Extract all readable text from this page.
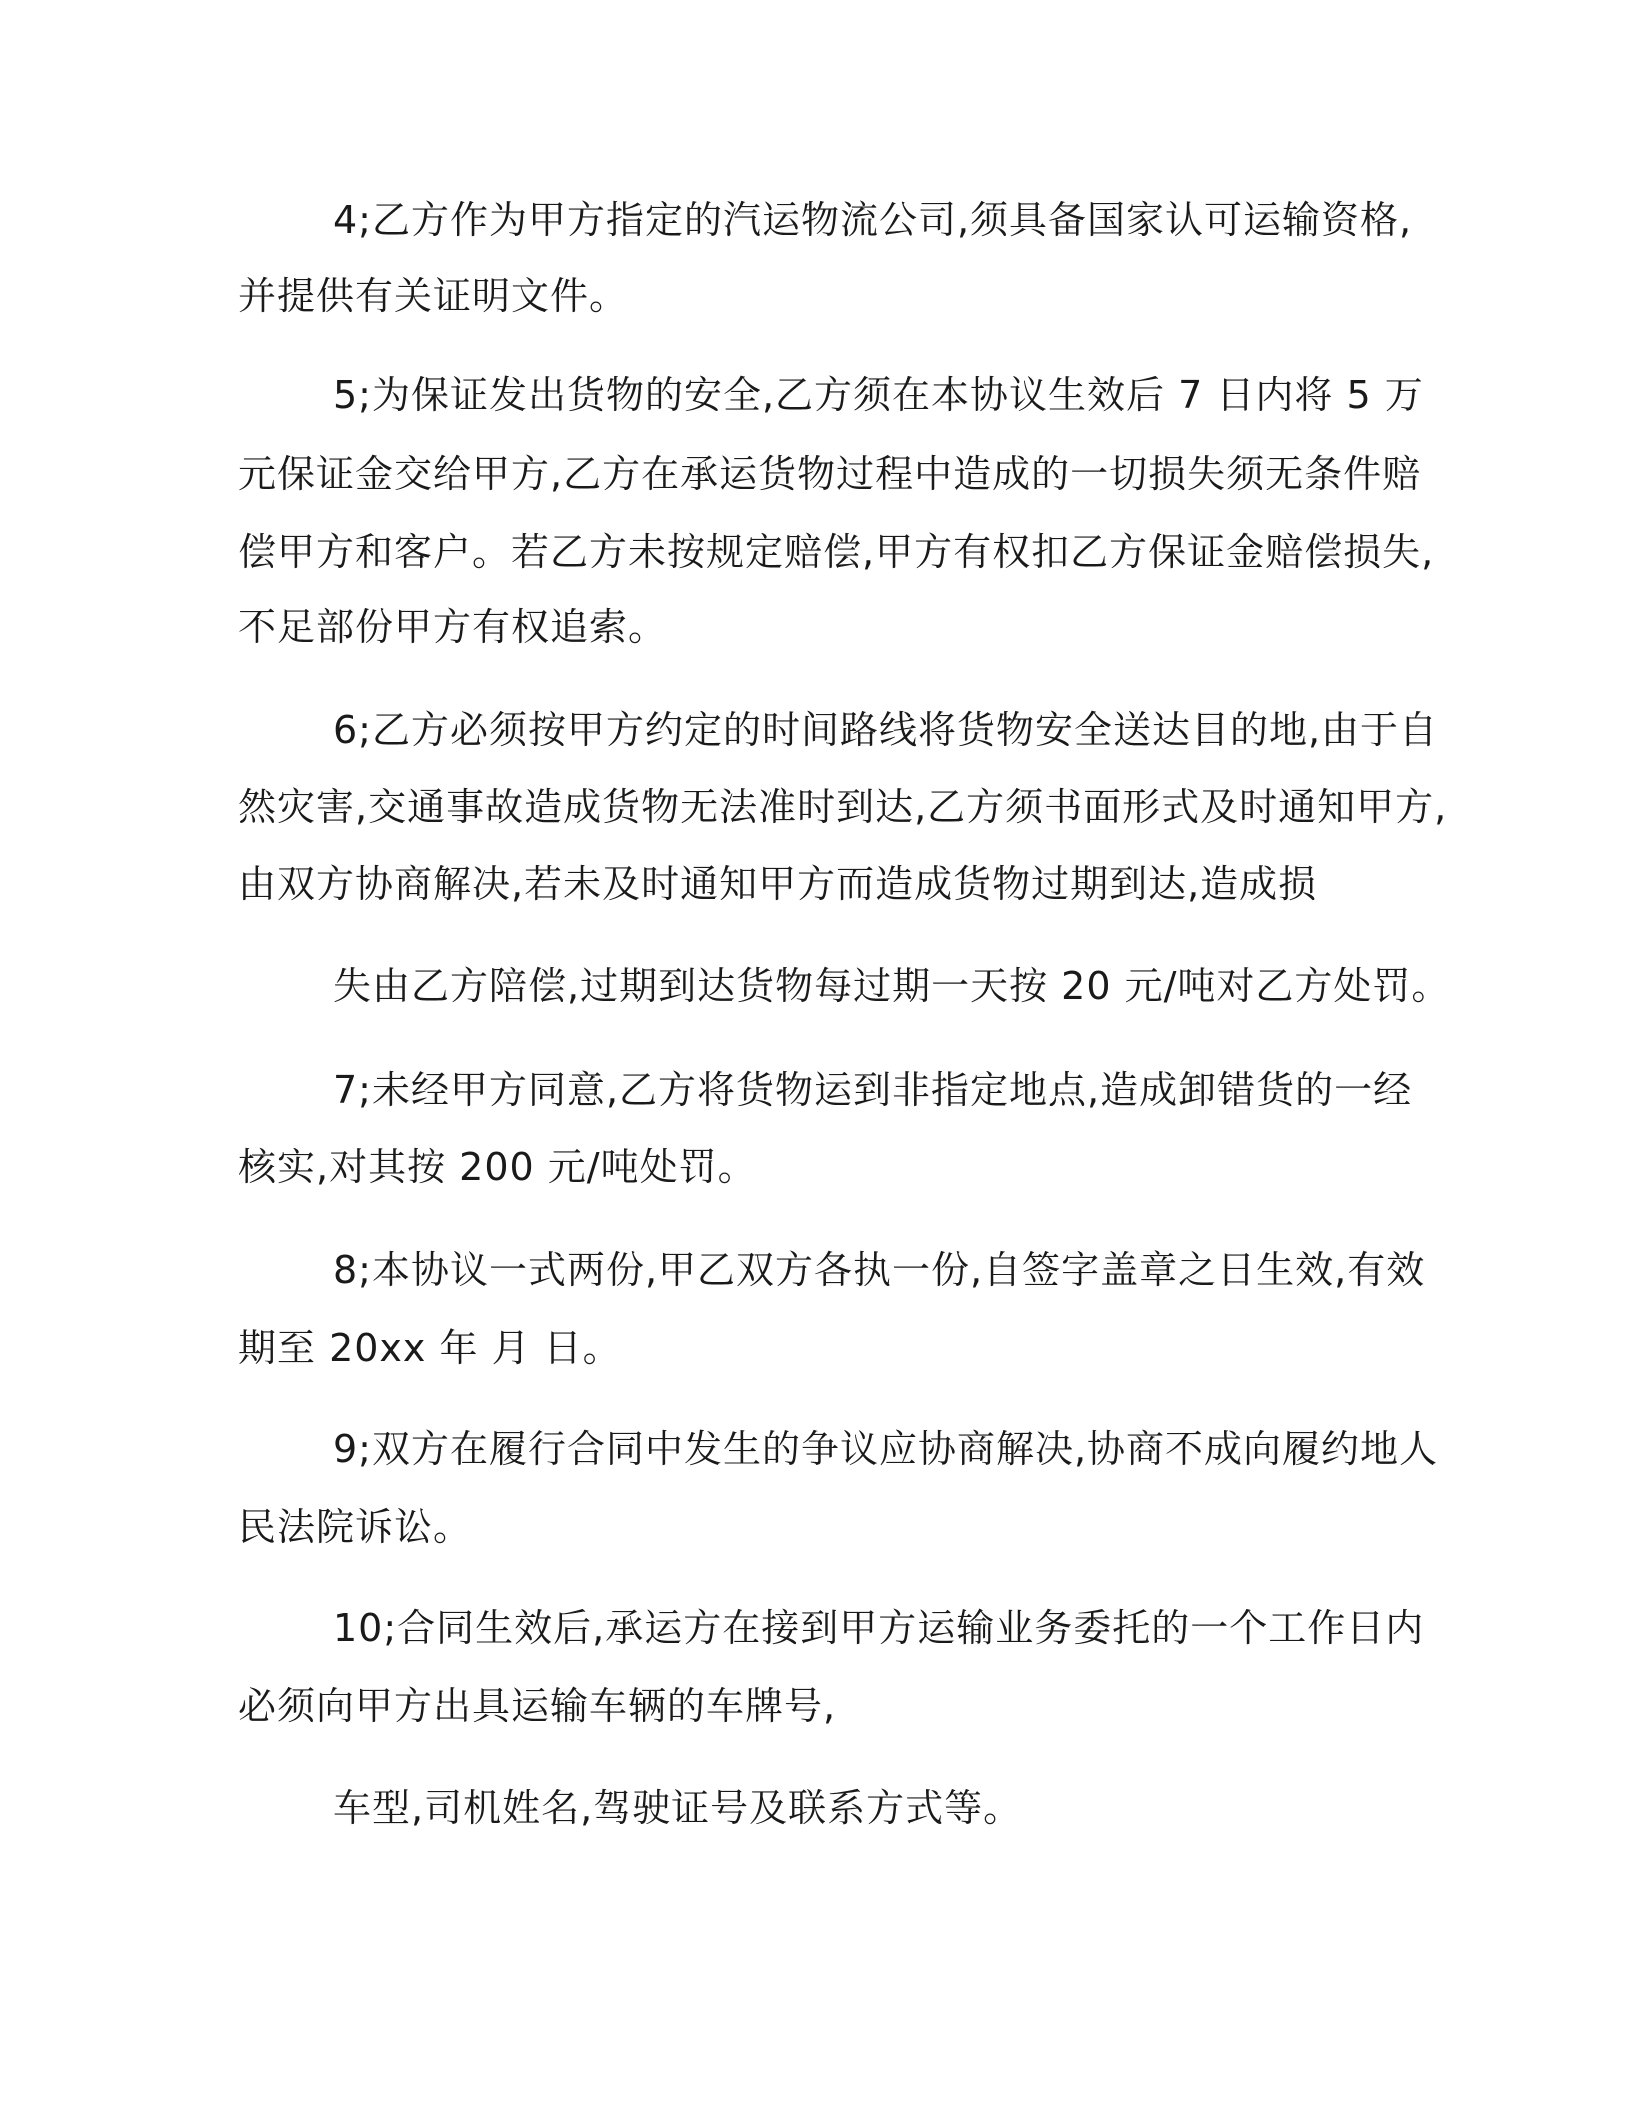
4;乙方作为甲方指定的汽运物流公司,须具备国家认可运输资格,
并提供有关证明文件。
5;为保证发出货物的安全,乙方须在本协议生效后 7 日内将 5 万
元保证金交给甲方,乙方在承运货物过程中造成的一切损失须无条件赔
偿甲方和客户。若乙方未按规定赔偿,甲方有权扣乙方保证金赔偿损失,
不足部份甲方有权追索。
6;乙方必须按甲方约定的时间路线将货物安全送达目的地,由于自
然灾害,交通事故造成货物无法准时到达,乙方须书面形式及时通知甲方,
由双方协商解决,若未及时通知甲方而造成货物过期到达,造成损
失由乙方陪偿,过期到达货物每过期一天按 20 元/吨对乙方处罚。
7;未经甲方同意,乙方将货物运到非指定地点,造成卸错货的一经
核实,对其按 200 元/吨处罚。
8;本协议一式两份,甲乙双方各执一份,自签字盖章之日生效,有效
期至 20xx 年 月 日。
9;双方在履行合同中发生的争议应协商解决,协商不成向履约地人
民法院诉讼。
10;合同生效后,承运方在接到甲方运输业务委托的一个工作日内
必须向甲方出具运输车辆的车牌号,
车型,司机姓名,驾驶证号及联系方式等。
